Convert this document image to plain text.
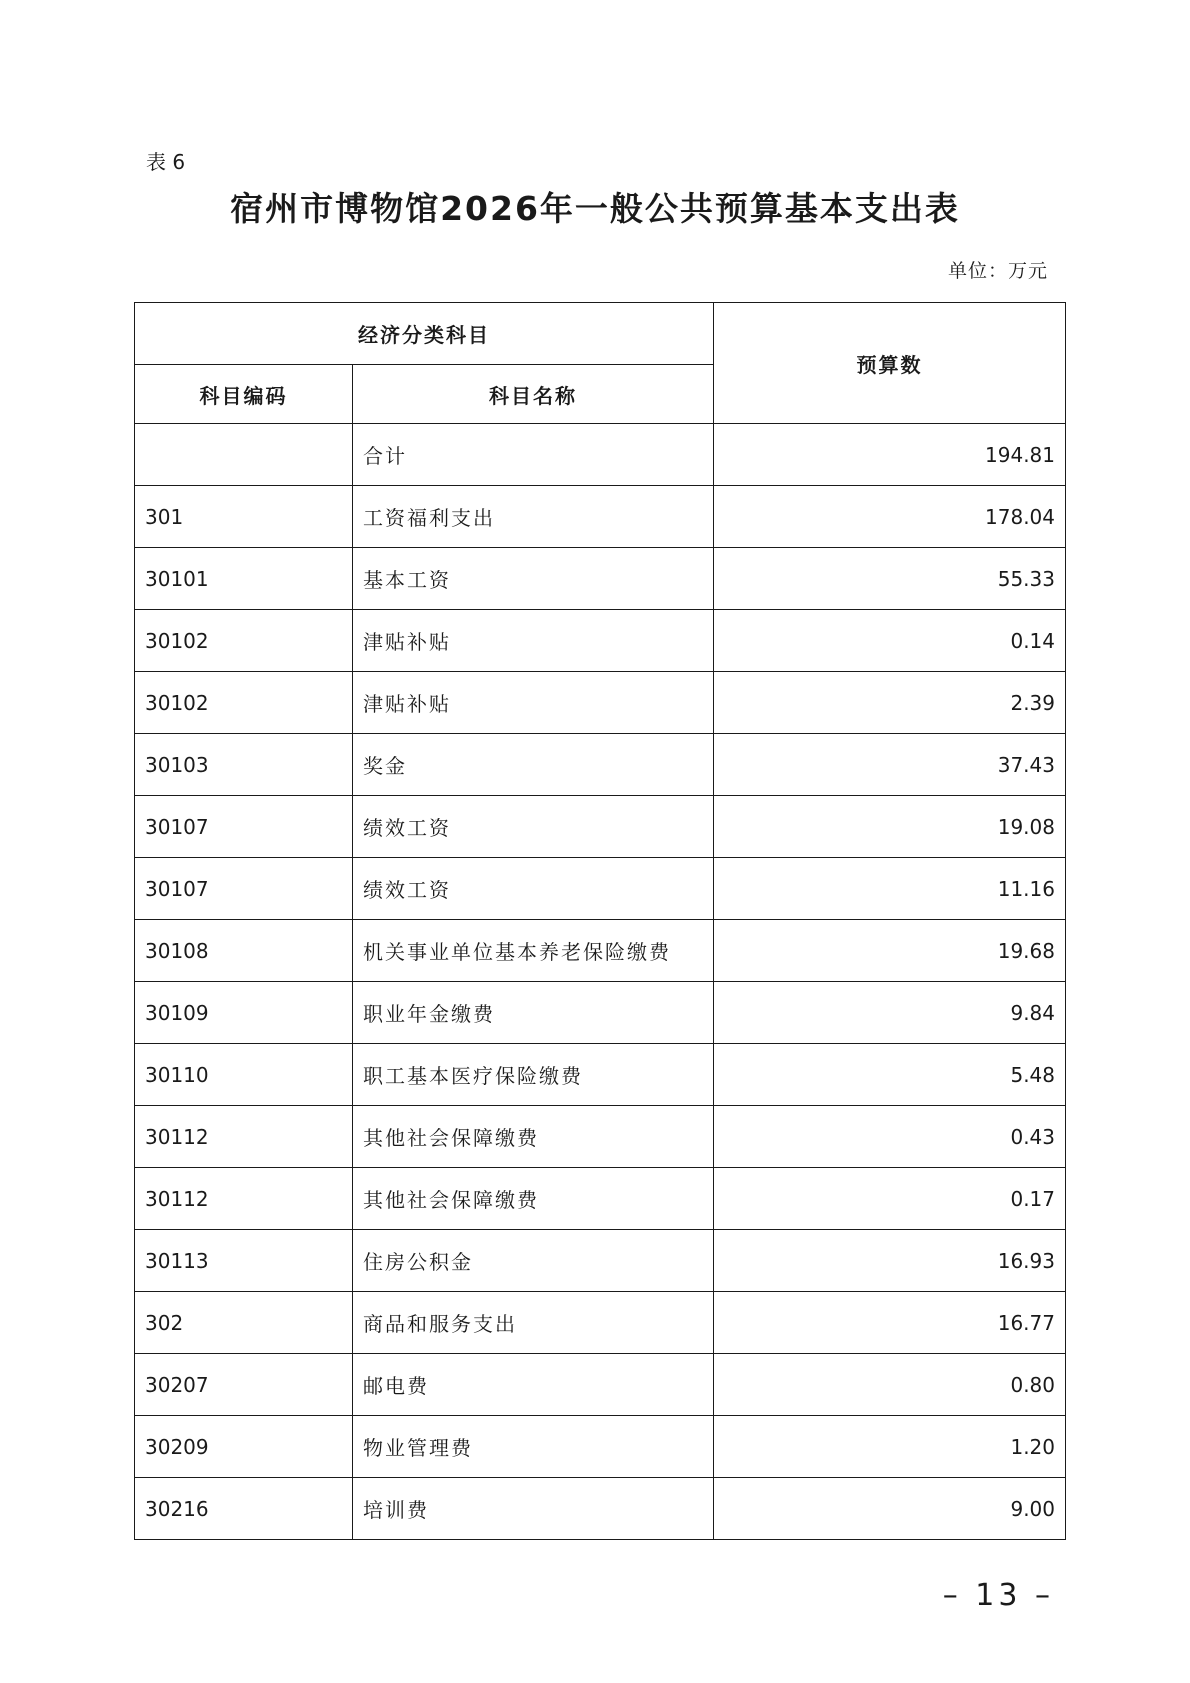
表 6
宿州市博物馆2026年一般公共预算基本支出表
单位：万元
经济分类科目		预算数
科目编码	科目名称	
	合计	194.81
301	工资福利支出	178.04
30101	基本工资	55.33
30102	津贴补贴	0.14
30102	津贴补贴	2.39
30103	奖金	37.43
30107	绩效工资	19.08
30107	绩效工资	11.16
30108	机关事业单位基本养老保险缴费	19.68
30109	职业年金缴费	9.84
30110	职工基本医疗保险缴费	5.48
30112	其他社会保障缴费	0.43
30112	其他社会保障缴费	0.17
30113	住房公积金	16.93
302	商品和服务支出	16.77
30207	邮电费	0.80
30209	物业管理费	1.20
30216	培训费	9.00
– 13 –
